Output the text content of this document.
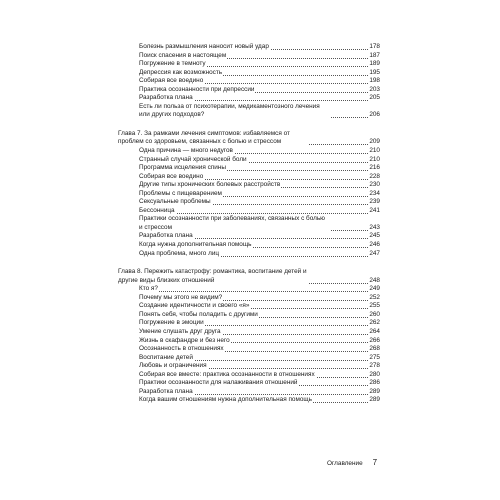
Болезнь размышления наносит новый удар	178
Поиск спасения в настоящем	187
Погружение в темноту	189
Депрессия как возможность	195
Собирая все воедино	198
Практика осознанности при депрессии	203
Разработка плана	205
Есть ли польза от психотерапии, медикаментозного лечения или других подходов?	206
Глава 7. За рамками лечения симптомов: избавляемся от проблем со здоровьем, связанных с болью и стрессом	209
Одна причина — много недугов	210
Странный случай хронической боли	210
Программа исцеления спины	216
Собирая все воедино	228
Другие типы хронических болевых расстройств	230
Проблемы с пищеварением	234
Сексуальные проблемы	239
Бессонница	241
Практики осознанности при заболеваниях, связанных с болью и стрессом	243
Разработка плана	245
Когда нужна дополнительная помощь	246
Одна проблема, много лиц	247
Глава 8. Пережить катастрофу: романтика, воспитание детей и другие виды близких отношений	248
Кто я?	249
Почему мы этого не видим?	252
Создание идентичности и своего «я»	255
Понять себя, чтобы поладить с другими	260
Погружение в эмоции	262
Умение слушать друг друга	264
Жизнь в скафандре и без него	266
Осознанность в отношениях	268
Воспитание детей	275
Любовь и ограничения	278
Собирая все вместе: практика осознанности в отношениях	280
Практики осознанности для налаживания отношений	286
Разработка плана	289
Когда вашим отношениям нужна дополнительная помощь	289
Оглавление 7
